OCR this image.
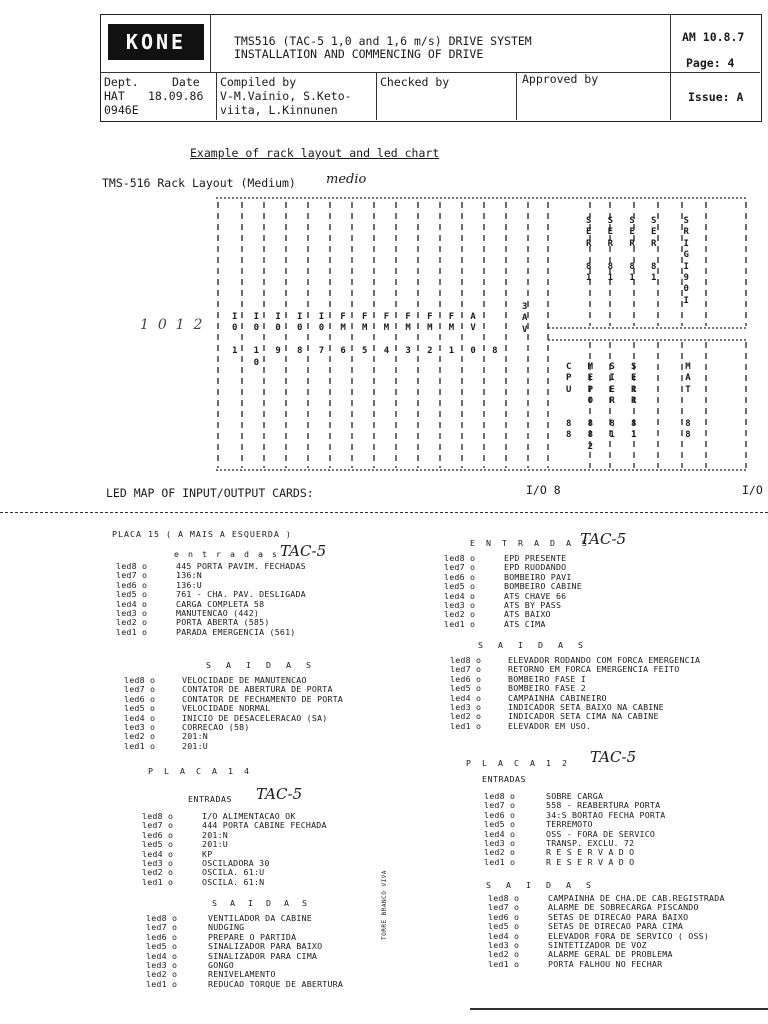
KONE	TMS516 (TAC-5 1,0 and 1,6 m/s) DRIVE SYSTEM
INSTALLATION AND COMMENCING OF DRIVE
AM 10.8.7
Page: 4
Issue: A
Dept.	Date
HAT 18.09.86
0946E
Compiled by
V-M.Vainio, S.Keto-
viita, L.Kinnunen
Checked by	Approved by
Example of rack layout and led chart
TMS-516 Rack Layout (Medium) medio
I   I   I   I   I   F   F   F   F   F   F   A
0   0   0   0   0   M   M   M   M   M   M   V

1   1   9   8   7   6   5   4   3   2   1   0   8
0
S   S   S   S     S
E   E   E   E     R
R   R   R   R     I
G
8   8   8   8     I
1   1   1   1     9
0
I
C   M   S   S         M
P   E   I   E         A
U   P   E   R         T
O   R   R

8   8   8   8         8
8   8   1   1         8
2
3
A
V
1 0 1 2
LED MAP OF INPUT/OUTPUT CARDS:	I/O 8	I/O
PLACA 15 ( A MAIS A ESQUERDA )
e n t r a d a s TAC-5
led8 o	445 PORTA PAVIM. FECHADAS
led7 o	136:N
led6 o	136:U
led5 o	761 - CHA. PAV. DESLIGADA
led4 o	CARGA COMPLETA 58
led3 o	MANUTENCAO (442)
led2 o	PORTA ABERTA (585)
led1 o	PARADA EMERGENCIA (561)
S A I D A S
led8 o	VELOCIDADE DE MANUTENCAO
led7 o	CONTATOR DE ABERTURA DE PORTA
led6 o	CONTATOR DE FECHAMENTO DE PORTA
led5 o	VELOCIDADE NORMAL
led4 o	INICIO DE DESACELERACAO (SA)
led3 o	CORRECAO (58)
led2 o	201:N
led1 o	201:U
P L A C A 1 4
ENTRADAS TAC-5
led8 o	I/O ALIMENTACAO OK
led7 o	444 PORTA CABINE FECHADA
led6 o	201:N
led5 o	201:U
led4 o	KP
led3 o	OSCILADORA 30
led2 o	OSCILA. 61:U
led1 o	OSCILA. 61:N
S A I D A S
led8 o	VENTILADOR DA CABINE
led7 o	NUDGING
led6 o	PREPARE O PARTIDA
led5 o	SINALIZADOR PARA BAIXO
led4 o	SINALIZADOR PARA CIMA
led3 o	GONGO
led2 o	RENIVELAMENTO
led1 o	REDUCAO TORQUE DE ABERTURA
E N T R A D A S
TAC-5
led8 o	EPD PRESENTE
led7 o	EPD RUODANDO
led6 o	BOMBEIRO PAVI
led5 o	BOMBEIRO CABINE
led4 o	ATS CHAVE 66
led3 o	ATS BY PASS
led2 o	ATS BAIXO
led1 o	ATS CIMA
S A I D A S
led8 o	ELEVADOR RODANDO COM FORCA EMERGENCIA
led7 o	RETORNO EM FORCA EMERGENCIA FEITO
led6 o	BOMBEIRO FASE I
led5 o	BOMBEIRO FASE 2
led4 o	CAMPAINHA CABINEIRO
led3 o	INDICADOR SETA BAIXO NA CABINE
led2 o	INDICADOR SETA CIMA NA CABINE
led1 o	ELEVADOR EM USO.
P L A C A 1 2 TAC-5
ENTRADAS
led8 o	SOBRE CARGA
led7 o	558 - REABERTURA PORTA
led6 o	34:S BORTAO FECHA PORTA
led5 o	TERREMOTO
led4 o	OSS - FORA DE SERVICO
led3 o	TRANSP. EXCLU. 72
led2 o	R E S E R V A D O
led1 o	R E S E R V A D O
S A I D A S
led8 o	CAMPAINHA DE CHA.DE CAB.REGISTRADA
led7 o	ALARME DE SOBRECARGA PISCANDO
led6 o	SETAS DE DIRECAO PARA BAIXO
led5 o	SETAS DE DIRECAO PARA CIMA
led4 o	ELEVADOR FORA DE SERVICO ( OSS)
led3 o	SINTETIZADOR DE VOZ
led2 o	ALARME GERAL DE PROBLEMA
led1 o	PORTA FALHOU NO FECHAR
TORRE BRANCO VIVA
